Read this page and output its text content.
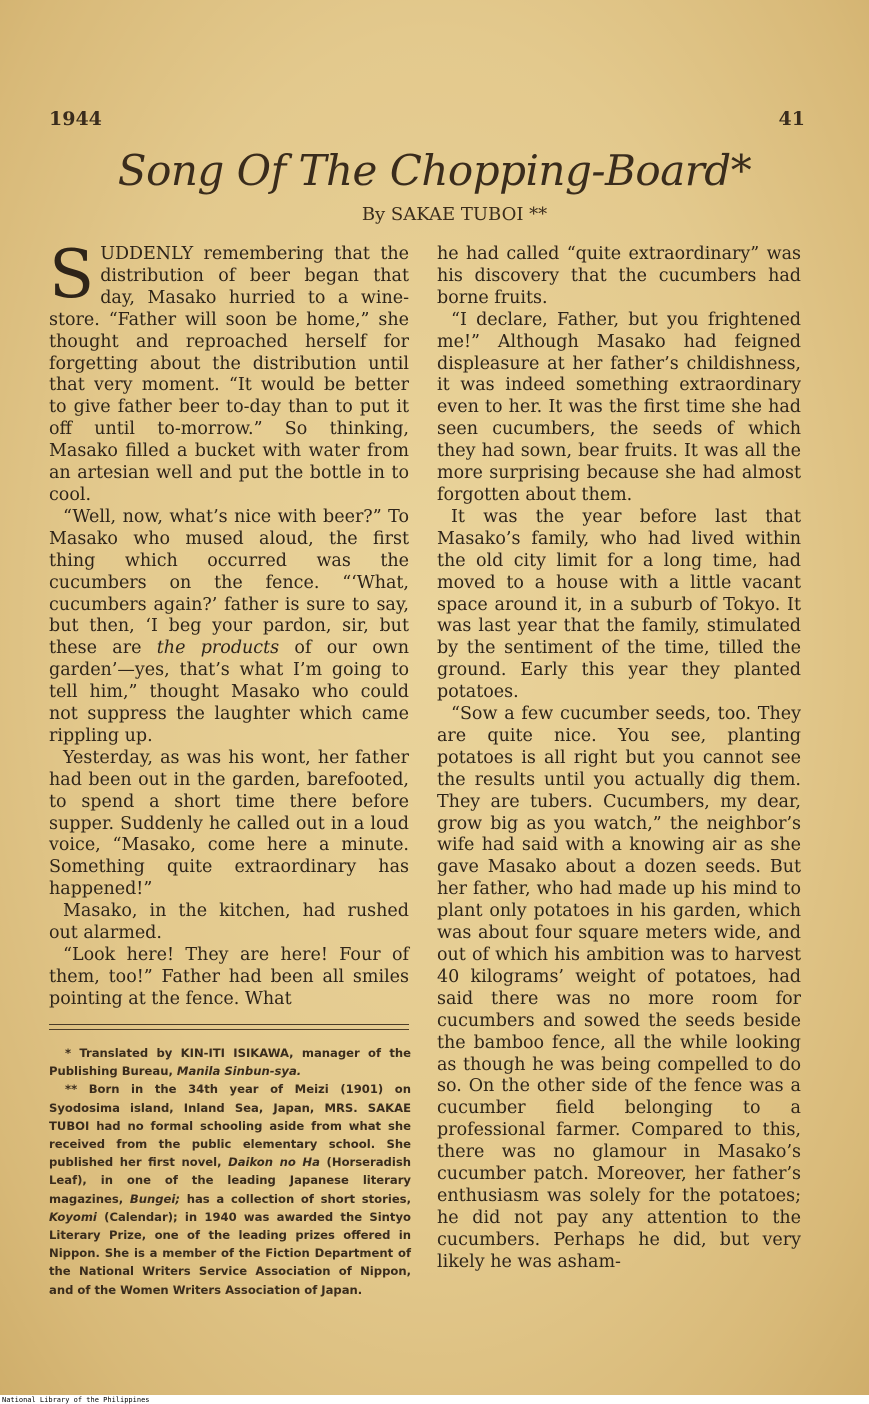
1944	41
Song Of The Chopping-Board*
By SAKAE TUBOI **

SUDDENLY remembering that the distribution of beer began that day, Masako hurried to a wine-store. “Father will soon be home,” she thought and reproached herself for forgetting about the distribution until that very moment. “It would be better to give father beer to-day than to put it off until to-morrow.” So thinking, Masako filled a bucket with water from an artesian well and put the bottle in to cool.

“Well, now, what’s nice with beer?” To Masako who mused aloud, the first thing which occurred was the cucumbers on the fence. “‘What, cucumbers again?’ father is sure to say, but then, ‘I beg your pardon, sir, but these are the products of our own garden’—yes, that’s what I’m going to tell him,” thought Masako who could not suppress the laughter which came rippling up.

Yesterday, as was his wont, her father had been out in the garden, barefooted, to spend a short time there before supper. Suddenly he called out in a loud voice, “Masako, come here a minute. Something quite extraordinary has happened!”

Masako, in the kitchen, had rushed out alarmed.

“Look here! They are here! Four of them, too!” Father had been all smiles pointing at the fence. What

* Translated by KIN-ITI ISIKAWA, manager of the Publishing Bureau, Manila Sinbun-sya.

** Born in the 34th year of Meizi (1901) on Syodosima island, Inland Sea, Japan, MRS. SAKAE TUBOI had no formal schooling aside from what she received from the public elementary school. She published her first novel, Daikon no Ha (Horseradish Leaf), in one of the leading Japanese literary magazines, Bungei; has a collection of short stories, Koyomi (Calendar); in 1940 was awarded the Sintyo Literary Prize, one of the leading prizes offered in Nippon. She is a member of the Fiction Department of the National Writers Service Association of Nippon, and of the Women Writers Association of Japan.

he had called “quite extraordinary” was his discovery that the cucumbers had borne fruits.

“I declare, Father, but you frightened me!” Although Masako had feigned displeasure at her father’s childishness, it was indeed something extraordinary even to her. It was the first time she had seen cucumbers, the seeds of which they had sown, bear fruits. It was all the more surprising because she had almost forgotten about them.

It was the year before last that Masako’s family, who had lived within the old city limit for a long time, had moved to a house with a little vacant space around it, in a suburb of Tokyo. It was last year that the family, stimulated by the sentiment of the time, tilled the ground. Early this year they planted potatoes.

“Sow a few cucumber seeds, too. They are quite nice. You see, planting potatoes is all right but you cannot see the results until you actually dig them. They are tubers. Cucumbers, my dear, grow big as you watch,” the neighbor’s wife had said with a knowing air as she gave Masako about a dozen seeds. But her father, who had made up his mind to plant only potatoes in his garden, which was about four square meters wide, and out of which his ambition was to harvest 40 kilograms’ weight of potatoes, had said there was no more room for cucumbers and sowed the seeds beside the bamboo fence, all the while looking as though he was being compelled to do so. On the other side of the fence was a cucumber field belonging to a professional farmer. Compared to this, there was no glamour in Masako’s cucumber patch. Moreover, her father’s enthusiasm was solely for the potatoes; he did not pay any attention to the cucumbers. Perhaps he did, but very likely he was asham-

National Library of the Philippines
